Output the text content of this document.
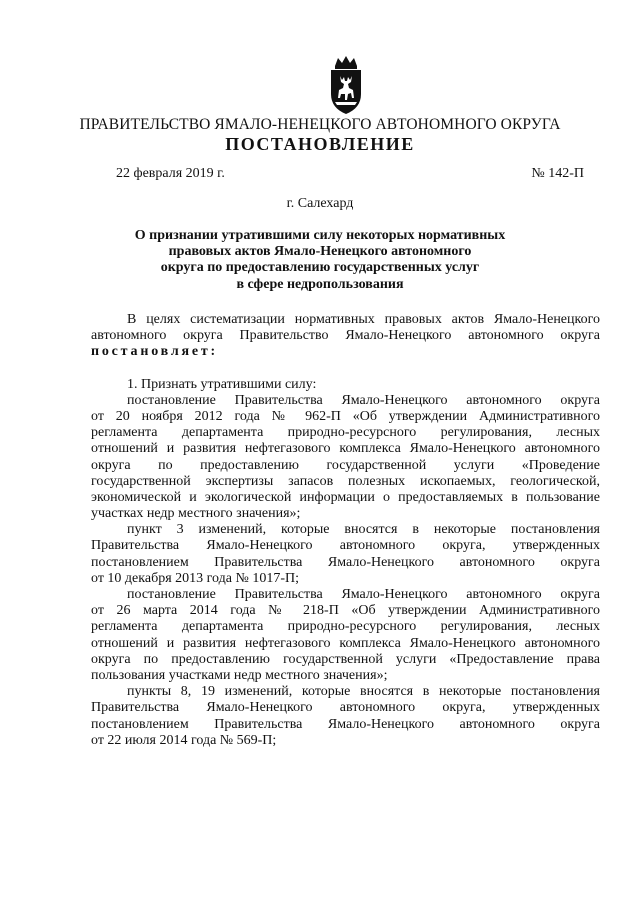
ПРАВИТЕЛЬСТВО ЯМАЛО-НЕНЕЦКОГО АВТОНОМНОГО ОКРУГА
ПОСТАНОВЛЕНИЕ
22 февраля 2019 г.	№ 142-П
г. Салехард
О признании утратившими силу некоторых нормативных
правовых актов Ямало-Ненецкого автономного
округа по предоставлению государственных услуг
в сфере недропользования
В целях систематизации нормативных правовых актов Ямало-Ненецкого
автономного округа Правительство Ямало-Ненецкого автономного округа
постановляет:
1. Признать утратившими силу:
постановление Правительства Ямало-Ненецкого автономного округа
от 20 ноября 2012 года № 962-П «Об утверждении Административного
регламента департамента природно-ресурсного регулирования, лесных
отношений и развития нефтегазового комплекса Ямало-Ненецкого автономного
округа по предоставлению государственной услуги «Проведение
государственной экспертизы запасов полезных ископаемых, геологической,
экономической и экологической информации о предоставляемых в пользование
участках недр местного значения»;
пункт 3 изменений, которые вносятся в некоторые постановления
Правительства Ямало-Ненецкого автономного округа, утвержденных
постановлением Правительства Ямало-Ненецкого автономного округа
от 10 декабря 2013 года № 1017-П;
постановление Правительства Ямало-Ненецкого автономного округа
от 26 марта 2014 года № 218-П «Об утверждении Административного
регламента департамента природно-ресурсного регулирования, лесных
отношений и развития нефтегазового комплекса Ямало-Ненецкого автономного
округа по предоставлению государственной услуги «Предоставление права
пользования участками недр местного значения»;
пункты 8, 19 изменений, которые вносятся в некоторые постановления
Правительства Ямало-Ненецкого автономного округа, утвержденных
постановлением Правительства Ямало-Ненецкого автономного округа
от 22 июля 2014 года № 569-П;
